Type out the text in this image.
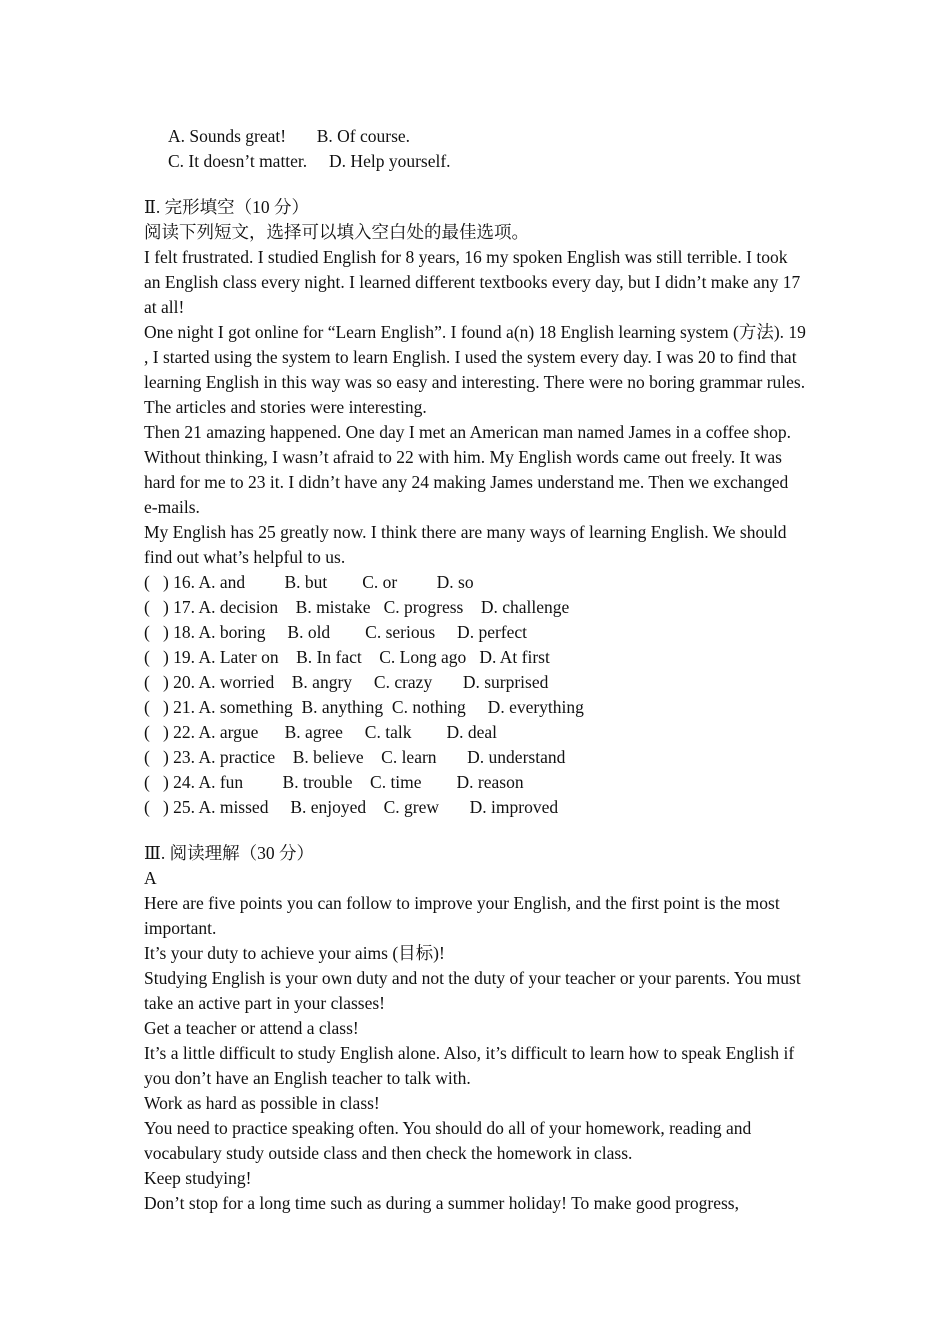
A. Sounds great!       B. Of course.
C. It doesn’t matter.     D. Help yourself.
Ⅱ. 完形填空（10 分）
阅读下列短文，选择可以填入空白处的最佳选项。
I felt frustrated. I studied English for 8 years, 16 my spoken English was still terrible. I took an English class every night. I learned different textbooks every day, but I didn’t make any 17 at all!
One night I got online for “Learn English”. I found a(n) 18 English learning system (方法). 19 , I started using the system to learn English. I used the system every day. I was 20 to find that learning English in this way was so easy and interesting. There were no boring grammar rules. The articles and stories were interesting.
Then 21 amazing happened. One day I met an American man named James in a coffee shop. Without thinking, I wasn’t afraid to 22 with him. My English words came out freely. It was hard for me to 23 it. I didn’t have any 24 making James understand me. Then we exchanged e-mails.
My English has 25 greatly now. I think there are many ways of learning English. We should find out what’s helpful to us.
(   ) 16. A. and         B. but        C. or         D. so
(   ) 17. A. decision    B. mistake   C. progress    D. challenge
(   ) 18. A. boring     B. old        C. serious     D. perfect
(   ) 19. A. Later on    B. In fact    C. Long ago   D. At first
(   ) 20. A. worried    B. angry     C. crazy       D. surprised
(   ) 21. A. something  B. anything  C. nothing     D. everything
(   ) 22. A. argue      B. agree     C. talk        D. deal
(   ) 23. A. practice    B. believe    C. learn       D. understand
(   ) 24. A. fun         B. trouble    C. time        D. reason
(   ) 25. A. missed     B. enjoyed    C. grew       D. improved
Ⅲ. 阅读理解（30 分）
A
Here are five points you can follow to improve your English, and the first point is the most important.
It’s your duty to achieve your aims (目标)!
Studying English is your own duty and not the duty of your teacher or your parents. You must take an active part in your classes!
Get a teacher or attend a class!
It’s a little difficult to study English alone. Also, it’s difficult to learn how to speak English if you don’t have an English teacher to talk with.
Work as hard as possible in class!
You need to practice speaking often. You should do all of your homework, reading and vocabulary study outside class and then check the homework in class.
Keep studying!
Don’t stop for a long time such as during a summer holiday! To make good progress,
